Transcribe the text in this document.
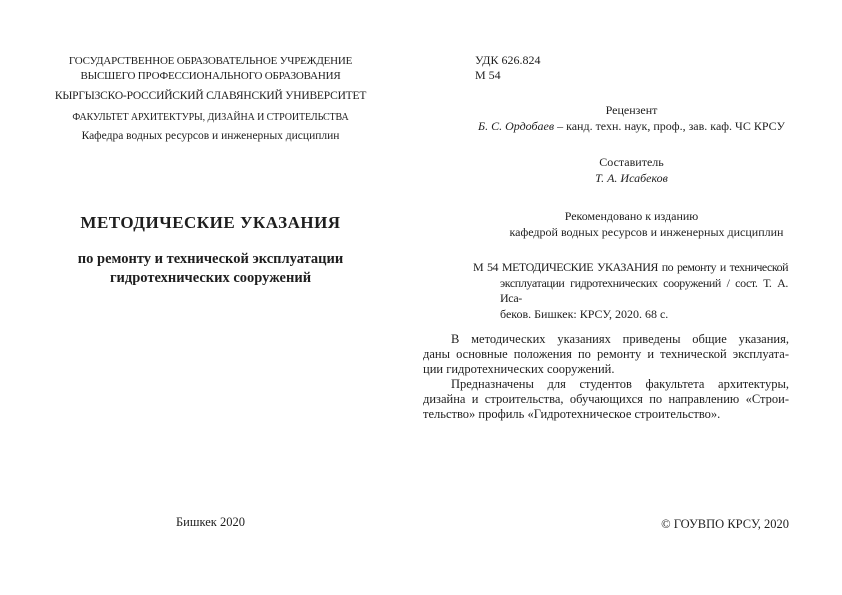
ГОСУДАРСТВЕННОЕ ОБРАЗОВАТЕЛЬНОЕ УЧРЕЖДЕНИЕ
ВЫСШЕГО ПРОФЕССИОНАЛЬНОГО ОБРАЗОВАНИЯ
КЫРГЫЗСКО-РОССИЙСКИЙ СЛАВЯНСКИЙ УНИВЕРСИТЕТ
ФАКУЛЬТЕТ АРХИТЕКТУРЫ, ДИЗАЙНА И СТРОИТЕЛЬСТВА
Кафедра водных ресурсов и инженерных дисциплин
МЕТОДИЧЕСКИЕ УКАЗАНИЯ
по ремонту и технической эксплуатации
гидротехнических сооружений
Бишкек 2020
УДК 626.824
М 54
Рецензент
Б. С. Ордобаев – канд. техн. наук, проф., зав. каф. ЧС КРСУ
Составитель
Т. А. Исабеков
Рекомендовано к изданию
кафедрой водных ресурсов и инженерных дисциплин
М 54 МЕТОДИЧЕСКИЕ УКАЗАНИЯ по ремонту и технической
эксплуатации гидротехнических сооружений / сост. Т. А. Иса-
беков. Бишкек: КРСУ, 2020. 68 с.
В методических указаниях приведены общие указания,
даны основные положения по ремонту и технической эксплуата-
ции гидротехнических сооружений.
Предназначены для студентов факультета архитектуры,
дизайна и строительства, обучающихся по направлению «Строи-
тельство» профиль «Гидротехническое строительство».
© ГОУВПО КРСУ, 2020
